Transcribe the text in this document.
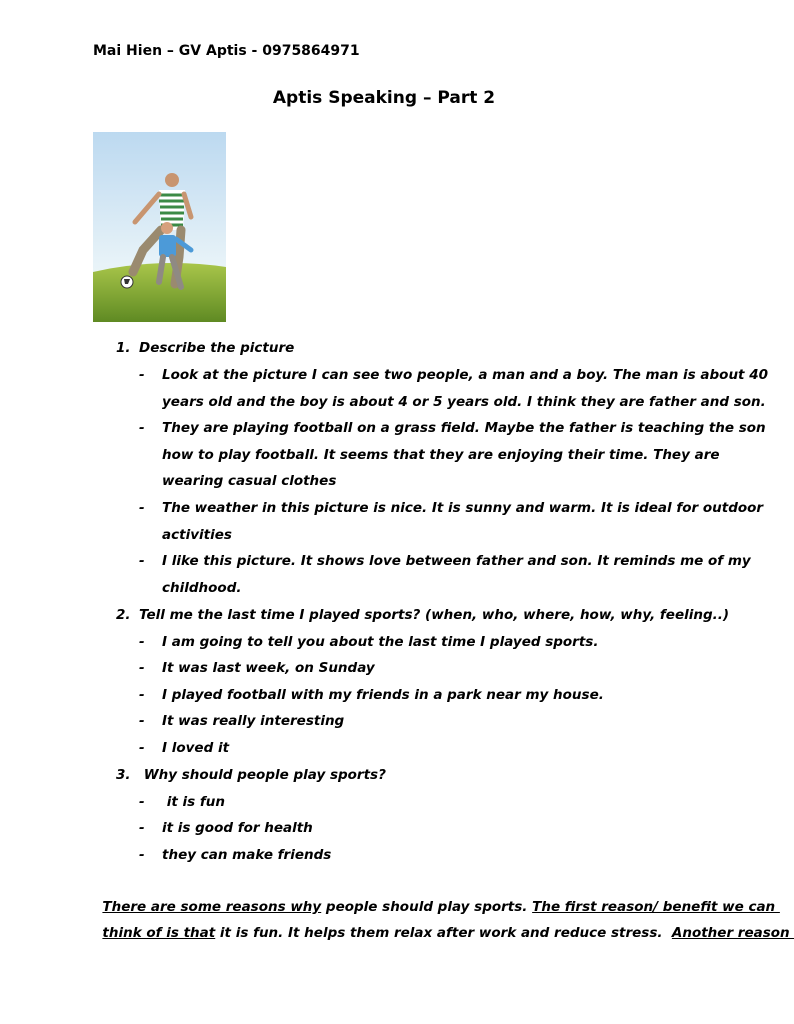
Mai Hien – GV Aptis - 0975864971
Aptis Speaking – Part 2
1. Describe the picture
- Look at the picture I can see two people, a man and a boy. The man is about 40
years old and the boy is about 4 or 5 years old. I think they are father and son.
- They are playing football on a grass field. Maybe the father is teaching the son
how to play football. It seems that they are enjoying their time. They are
wearing casual clothes
- The weather in this picture is nice. It is sunny and warm. It is ideal for outdoor
activities
- I like this picture. It shows love between father and son. It reminds me of my
childhood.
2. Tell me the last time I played sports? (when, who, where, how, why, feeling..)
- I am going to tell you about the last time I played sports.
- It was last week, on Sunday
- I played football with my friends in a park near my house.
- It was really interesting
- I loved it
3. Why should people play sports?
- it is fun
- it is good for health
- they can make friends

There are some reasons why people should play sports. The first reason/ benefit we can

think of is that it is fun. It helps them relax after work and reduce stress.  Another reason
